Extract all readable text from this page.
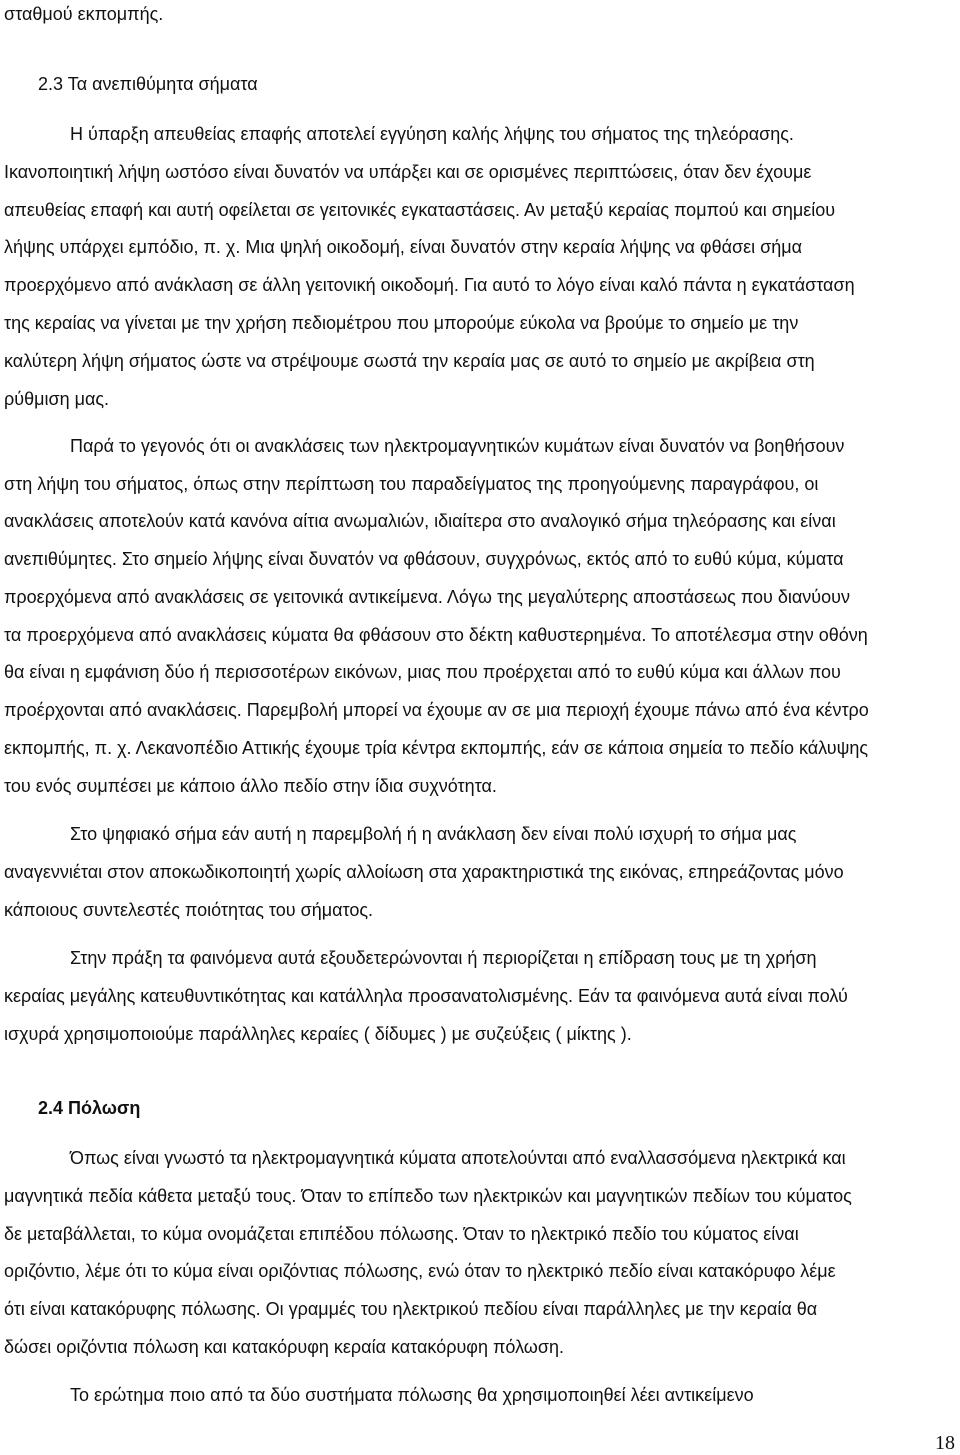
σταθμού εκπομπής.
2.3 Τα ανεπιθύμητα σήματα
Η ύπαρξη απευθείας επαφής αποτελεί εγγύηση καλής λήψης του σήματος της τηλεόρασης.
Ικανοποιητική λήψη ωστόσο είναι δυνατόν να υπάρξει και σε ορισμένες περιπτώσεις, όταν δεν έχουμε
απευθείας επαφή και αυτή οφείλεται σε γειτονικές εγκαταστάσεις. Αν μεταξύ κεραίας πομπού και σημείου
λήψης υπάρχει εμπόδιο, π. χ. Μια ψηλή οικοδομή, είναι δυνατόν στην κεραία λήψης να φθάσει σήμα
προερχόμενο από ανάκλαση σε άλλη γειτονική οικοδομή. Για αυτό το λόγο είναι καλό πάντα η εγκατάσταση
της κεραίας να γίνεται με την χρήση πεδιομέτρου που μπορούμε εύκολα να βρούμε το σημείο με την
καλύτερη λήψη σήματος ώστε να στρέψουμε σωστά την κεραία μας σε αυτό το σημείο με ακρίβεια στη
ρύθμιση μας.
Παρά το γεγονός ότι οι ανακλάσεις των ηλεκτρομαγνητικών κυμάτων είναι δυνατόν να βοηθήσουν
στη λήψη του σήματος, όπως στην περίπτωση του παραδείγματος της προηγούμενης παραγράφου, οι
ανακλάσεις αποτελούν κατά κανόνα αίτια ανωμαλιών, ιδιαίτερα στο αναλογικό σήμα τηλεόρασης και είναι
ανεπιθύμητες. Στο σημείο λήψης είναι δυνατόν να φθάσουν, συγχρόνως, εκτός από το ευθύ κύμα, κύματα
προερχόμενα από ανακλάσεις σε γειτονικά αντικείμενα. Λόγω της μεγαλύτερης αποστάσεως που διανύουν
τα προερχόμενα από ανακλάσεις κύματα θα φθάσουν στο δέκτη καθυστερημένα. Το αποτέλεσμα στην οθόνη
θα είναι η εμφάνιση δύο ή περισσοτέρων εικόνων, μιας που προέρχεται από το ευθύ κύμα και άλλων που
προέρχονται από ανακλάσεις. Παρεμβολή μπορεί να έχουμε αν σε μια περιοχή έχουμε πάνω από ένα κέντρο
εκπομπής, π. χ. Λεκανοπέδιο Αττικής έχουμε τρία κέντρα εκπομπής, εάν σε κάποια σημεία το πεδίο κάλυψης
του ενός συμπέσει με κάποιο άλλο πεδίο στην ίδια συχνότητα.
Στο ψηφιακό σήμα εάν αυτή η παρεμβολή ή η ανάκλαση δεν είναι πολύ ισχυρή το σήμα μας
αναγεννιέται στον αποκωδικοποιητή χωρίς αλλοίωση στα χαρακτηριστικά της εικόνας, επηρεάζοντας μόνο
κάποιους συντελεστές ποιότητας του σήματος.
Στην πράξη τα φαινόμενα αυτά εξουδετερώνονται ή περιορίζεται η επίδραση τους με τη χρήση
κεραίας μεγάλης κατευθυντικότητας και κατάλληλα προσανατολισμένης. Εάν τα φαινόμενα αυτά είναι πολύ
ισχυρά χρησιμοποιούμε παράλληλες κεραίες ( δίδυμες ) με συζεύξεις ( μίκτης ).
2.4 Πόλωση
Όπως είναι γνωστό τα ηλεκτρομαγνητικά κύματα αποτελούνται από εναλλασσόμενα ηλεκτρικά και
μαγνητικά πεδία κάθετα μεταξύ τους. Όταν το επίπεδο των ηλεκτρικών και μαγνητικών πεδίων του κύματος
δε μεταβάλλεται, το κύμα ονομάζεται επιπέδου πόλωσης. Όταν το ηλεκτρικό πεδίο του κύματος είναι
οριζόντιο, λέμε ότι το κύμα είναι οριζόντιας πόλωσης, ενώ όταν το ηλεκτρικό πεδίο είναι κατακόρυφο λέμε
ότι είναι κατακόρυφης πόλωσης. Οι γραμμές του ηλεκτρικού πεδίου είναι παράλληλες με την κεραία θα
δώσει οριζόντια πόλωση και κατακόρυφη κεραία κατακόρυφη πόλωση.
Το ερώτημα ποιο από τα δύο συστήματα πόλωσης θα χρησιμοποιηθεί λέει αντικείμενο
18
